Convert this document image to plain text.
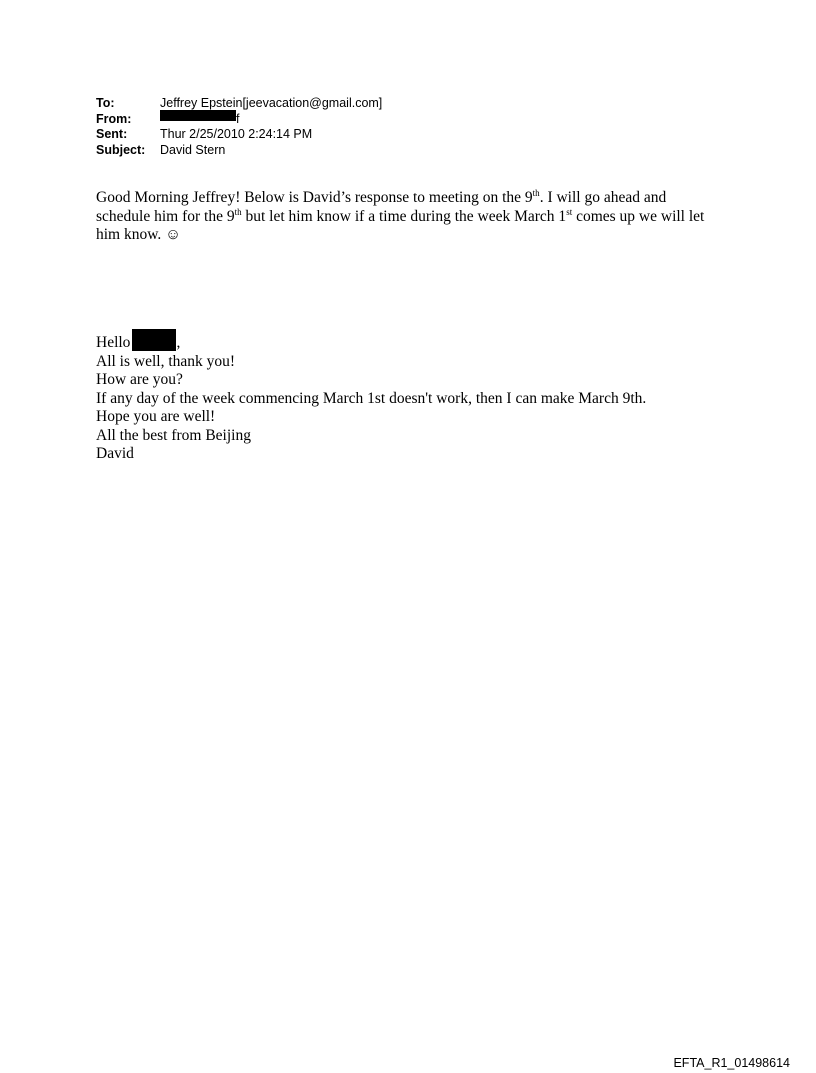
To:	Jeffrey Epstein[jeevacation@gmail.com]
From:	f
Sent:	Thur 2/25/2010 2:24:14 PM
Subject:	David Stern
Good Morning Jeffrey! Below is David’s response to meeting on the 9th. I will go ahead and
schedule him for the 9th but let him know if a time during the week March 1st comes up we will let
him know. ☺
Hello	,
All is well, thank you!
How are you?
If any day of the week commencing March 1st doesn't work, then I can make March 9th.
Hope you are well!
All the best from Beijing
David
EFTA_R1_01498614
